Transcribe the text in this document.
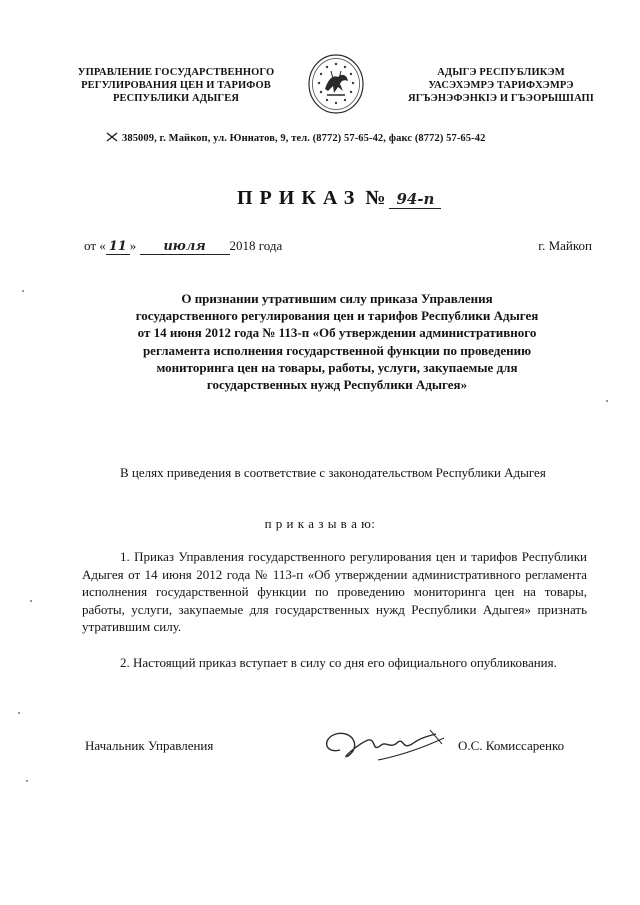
УПРАВЛЕНИЕ ГОСУДАРСТВЕННОГО
РЕГУЛИРОВАНИЯ ЦЕН И ТАРИФОВ
РЕСПУБЛИКИ АДЫГЕЯ
АДЫГЭ РЕСПУБЛИКЭМ
УАСЭХЭМРЭ ТАРИФХЭМРЭ
ЯГЪЭНЭФЭНКIЭ И ГЪЭОРЫШIАПI
385009, г. Майкоп, ул. Юннатов, 9, тел. (8772) 57-65-42, факс (8772) 57-65-42
ПРИКАЗ № 94-п
от « 11 » июля 2018 года	г. Майкоп
О признании утратившим силу приказа Управления
государственного регулирования цен и тарифов Республики Адыгея
от 14 июня 2012 года № 113-п «Об утверждении административного
регламента исполнения государственной функции по проведению
мониторинга цен на товары, работы, услуги, закупаемые для
государственных нужд Республики Адыгея»
В целях приведения в соответствие с законодательством Республики Адыгея
п р и к а з ы в а ю:
1. Приказ Управления государственного регулирования цен и тарифов Республики Адыгея от 14 июня 2012 года № 113-п «Об утверждении административного регламента исполнения государственной функции по проведению мониторинга цен на товары, работы, услуги, закупаемые для государственных нужд Республики Адыгея» признать утратившим силу.
2. Настоящий приказ вступает в силу со дня его официального опубликования.
Начальник Управления	О.С. Комиссаренко
